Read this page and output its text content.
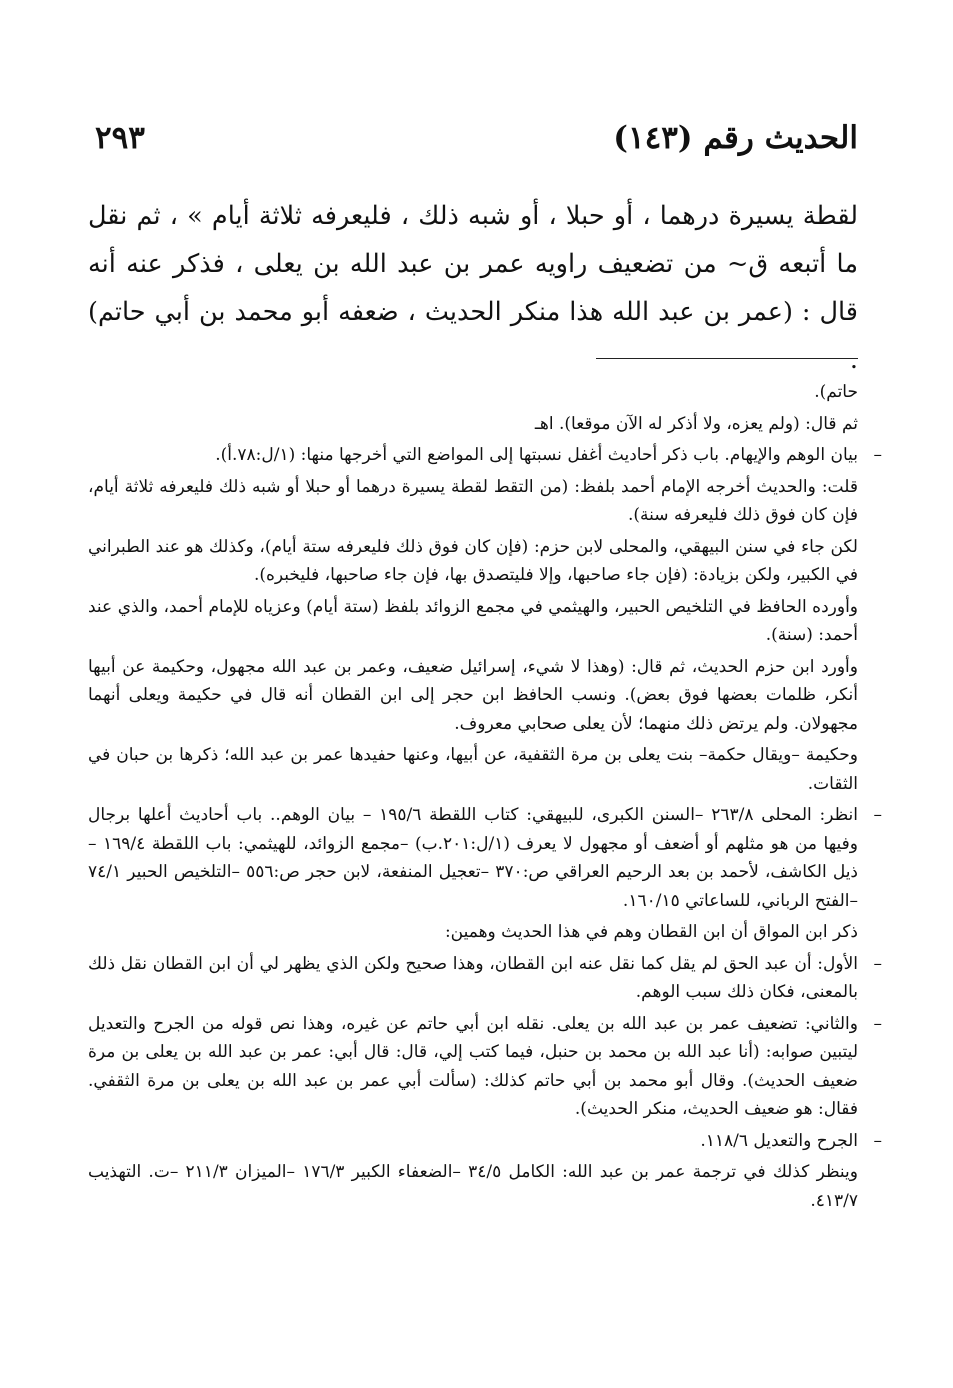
الحديث رقم (١٤٣)
٢٩٣

لقطة يسيرة درهما ، أو حبلا ، أو شبه ذلك ، فليعرفه ثلاثة أيام » ، ثم نقل ما أتبعه ق~ من تضعيف راويه عمر بن عبد الله بن يعلى ، فذكر عنه أنه قال : (عمر بن عبد الله هذا منكر الحديث ، ضعفه أبو محمد بن أبي حاتم) .

حاتم).

ثم قال: (ولم يعزه، ولا أذكر له الآن موقعا). اهـ

–
بيان الوهم والإيهام. باب ذكر أحاديث أغفل نسبتها إلى المواضع التي أخرجها منها: (١/ل:٧٨.أ).

قلت: والحديث أخرجه الإمام أحمد بلفظ: (من التقط لقطة يسيرة درهما أو حبلا أو شبه ذلك فليعرفه ثلاثة أيام، فإن كان فوق ذلك فليعرفه سنة).

لكن جاء في سنن البيهقي، والمحلى لابن حزم: (فإن كان فوق ذلك فليعرفه ستة أيام)، وكذلك هو عند الطبراني في الكبير، ولكن بزيادة: (فإن جاء صاحبها، وإلا فليتصدق بها، فإن جاء صاحبها، فليخبره).

وأورده الحافظ في التلخيص الحبير، والهيثمي في مجمع الزوائد بلفظ (ستة أيام) وعزياه للإمام أحمد، والذي عند أحمد: (سنة).

وأورد ابن حزم الحديث، ثم قال: (وهذا لا شيء، إسرائيل ضعيف، وعمر بن عبد الله مجهول، وحكيمة عن أبيها أنكر، ظلمات بعضها فوق بعض). ونسب الحافظ ابن حجر إلى ابن القطان أنه قال في حكيمة ويعلى أنهما مجهولان. ولم يرتض ذلك منهما؛ لأن يعلى صحابي معروف.

وحكيمة –ويقال حكمة– بنت يعلى بن مرة الثقفية، عن أبيها، وعنها حفيدها عمر بن عبد الله؛ ذكرها بن حبان في الثقات.

–
انظر: المحلى ٢٦٣/٨ –السنن الكبرى، للبيهقي: كتاب اللقطة ١٩٥/٦ – بيان الوهم.. باب أحاديث أعلها برجال وفيها من هو مثلهم أو أضعف أو مجهول لا يعرف (١/ل:٢٠١.ب) –مجمع الزوائد، للهيثمي: باب اللقطة ١٦٩/٤ –ذيل الكاشف، لأحمد بن بعد الرحيم العراقي ص:٣٧٠ –تعجيل المنفعة، لابن حجر ص:٥٥٦ –التلخيص الحبير ٧٤/١ –الفتح الرباني، للساعاتي ١٦٠/١٥.

ذكر ابن المواق أن ابن القطان وهم في هذا الحديث وهمين:

–
الأول: أن عبد الحق لم يقل كما نقل عنه ابن القطان، وهذا صحيح ولكن الذي يظهر لي أن ابن القطان نقل ذلك بالمعنى، فكان ذلك سبب الوهم.

–
والثاني: تضعيف عمر بن عبد الله بن يعلى. نقله ابن أبي حاتم عن غيره، وهذا نص قوله من الجرح والتعديل ليتبين صوابه: (أنا عبد الله بن محمد بن حنبل، فيما كتب إلي، قال: قال أبي: عمر بن عبد الله بن يعلى بن مرة ضعيف الحديث). وقال أبو محمد بن أبي حاتم كذلك: (سألت أبي عمر بن عبد الله بن يعلى بن مرة الثقفي. فقال: هو ضعيف الحديث، منكر الحديث).

–
الجرح والتعديل ١١٨/٦.

وينظر كذلك في ترجمة عمر بن عبد الله: الكامل ٣٤/٥ –الضعفاء الكبير ١٧٦/٣ –الميزان ٢١١/٣ –ت. التهذيب ٤١٣/٧.
